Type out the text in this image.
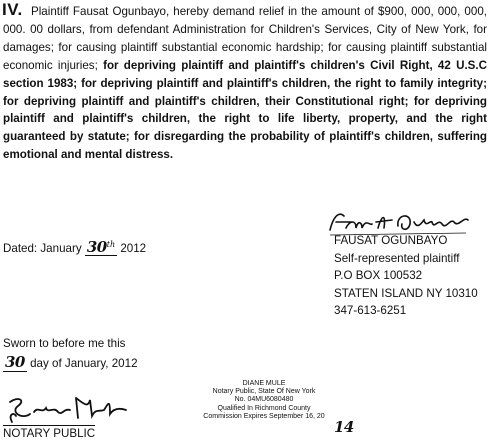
IV. Plaintiff Fausat Ogunbayo, hereby demand relief in the amount of $900, 000, 000, 000, 000. 00 dollars, from defendant Administration for Children's Services, City of New York, for damages; for causing plaintiff substantial economic hardship; for causing plaintiff substantial economic injuries; for depriving plaintiff and plaintiff's children's Civil Right, 42 U.S.C section 1983; for depriving plaintiff and plaintiff's children, the right to family integrity; for depriving plaintiff and plaintiff's children, their Constitutional right; for depriving plaintiff and plaintiff's children, the right to life liberty, property, and the right guaranteed by statute; for disregarding the probability of plaintiff's children, suffering emotional and mental distress.

Dated: January 30th 2012
FAUSAT OGUNBAYO
Self-represented plaintiff
P.O BOX 100532
STATEN ISLAND NY 10310
347-613-6251
Sworn to before me this
30 day of January, 2012
NOTARY PUBLIC
DIANE MULE
Notary Public, State Of New York
No. 04MU6080480
Qualified In Richmond County
Commission Expires September 16, 20
14
